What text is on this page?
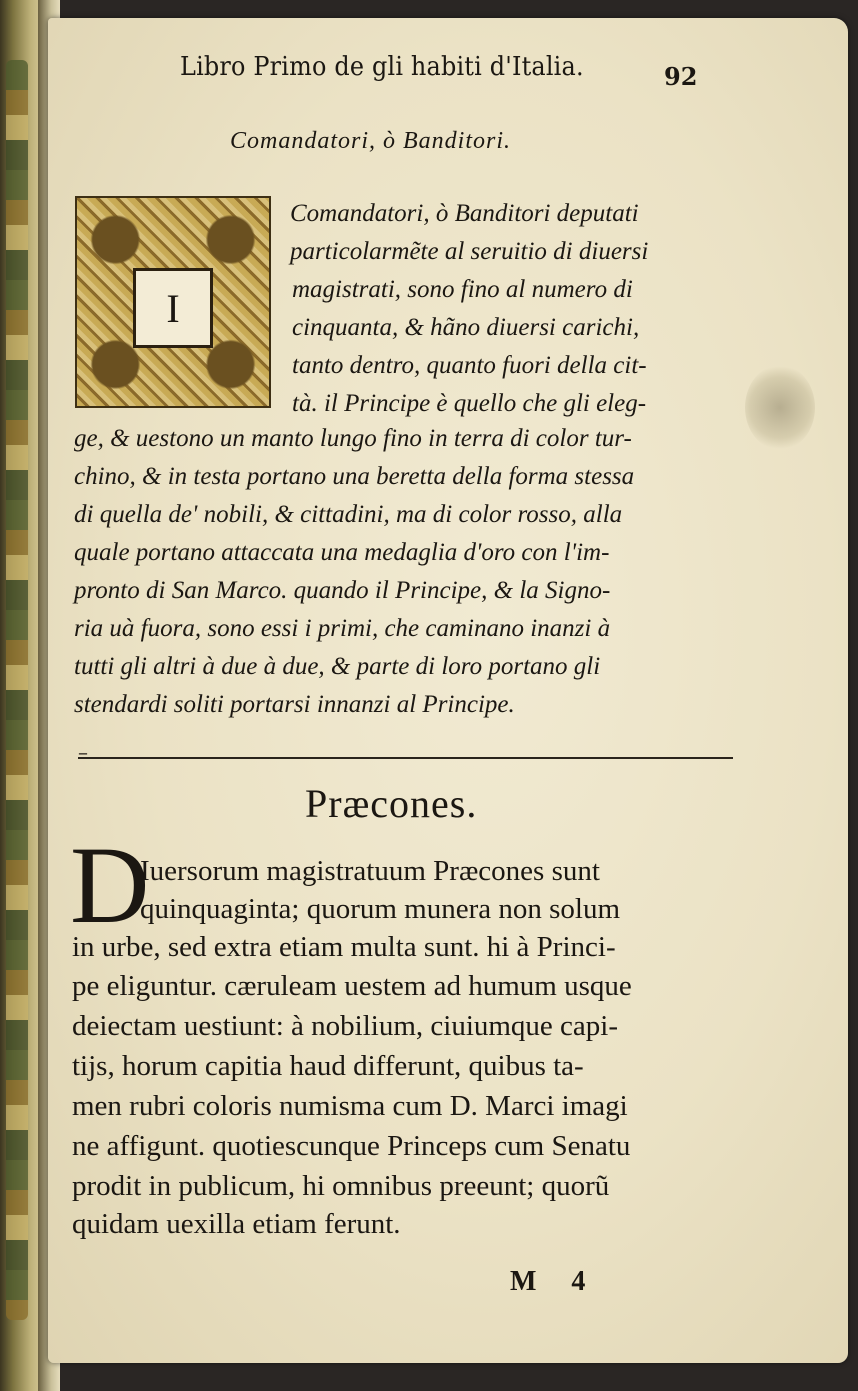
Libro Primo de gli habiti d'Italia.	92
Comandatori, ò Banditori.
I
Comandatori, ò Banditori deputati
particolarmẽte al seruitio di diuersi
magistrati, sono fino al numero di
cinquanta, & hãno diuersi carichi,
tanto dentro, quanto fuori della cit-
tà. il Principe è quello che gli eleg-
ge, & uestono un manto lungo fino in terra di color tur-
chino, & in testa portano una beretta della forma stessa
di quella de' nobili, & cittadini, ma di color rosso, alla
quale portano attaccata una medaglia d'oro con l'im-
pronto di San Marco. quando il Principe, & la Signo-
ria uà fuora, sono essi i primi, che caminano inanzi à
tutti gli altri à due à due, & parte di loro portano gli
stendardi soliti portarsi innanzi al Principe.
–
Præcones.
D
Iuersorum magistratuum Præcones sunt
quinquaginta; quorum munera non solum
in urbe, sed extra etiam multa sunt. hi à Princi-
pe eliguntur. cæruleam uestem ad humum usque
deiectam uestiunt: à nobilium, ciuiumque capi-
tijs, horum capitia haud differunt, quibus ta-
men rubri coloris numisma cum D. Marci imagi
ne affigunt. quotiescunque Princeps cum Senatu
prodit in publicum, hi omnibus preeunt; quorũ
quidam uexilla etiam ferunt.
M 4
